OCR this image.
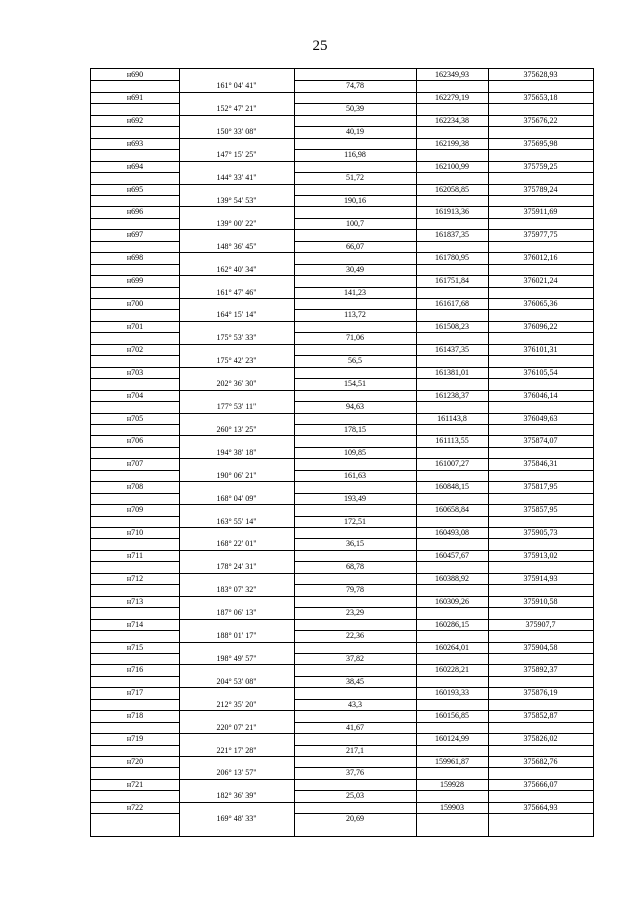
25
н690	162349,93	375628,93
161° 04' 41"	74,78
н691	162279,19	375653,18
152° 47' 21"	50,39
н692	162234,38	375676,22
150° 33' 08"	40,19
н693	162199,38	375695,98
147° 15' 25"	116,98
н694	162100,99	375759,25
144° 33' 41"	51,72
н695	162058,85	375789,24
139° 54' 53"	190,16
н696	161913,36	375911,69
139° 00' 22"	100,7
н697	161837,35	375977,75
148° 36' 45"	66,07
н698	161780,95	376012,16
162° 40' 34"	30,49
н699	161751,84	376021,24
161° 47' 46"	141,23
н700	161617,68	376065,36
164° 15' 14"	113,72
н701	161508,23	376096,22
175° 53' 33"	71,06
н702	161437,35	376101,31
175° 42' 23"	56,5
н703	161381,01	376105,54
202° 36' 30"	154,51
н704	161238,37	376046,14
177° 53' 11"	94,63
н705	161143,8	376049,63
260° 13' 25"	178,15
н706	161113,55	375874,07
194° 38' 18"	109,85
н707	161007,27	375846,31
190° 06' 21"	161,63
н708	160848,15	375817,95
168° 04' 09"	193,49
н709	160658,84	375857,95
163° 55' 14"	172,51
н710	160493,08	375905,73
168° 22' 01"	36,15
н711	160457,67	375913,02
178° 24' 31"	68,78
н712	160388,92	375914,93
183° 07' 32"	79,78
н713	160309,26	375910,58
187° 06' 13"	23,29
н714	160286,15	375907,7
188° 01' 17"	22,36
н715	160264,01	375904,58
198° 49' 57"	37,82
н716	160228,21	375892,37
204° 53' 08"	38,45
н717	160193,33	375876,19
212° 35' 20"	43,3
н718	160156,85	375852,87
220° 07' 21"	41,67
н719	160124,99	375826,02
221° 17' 28"	217,1
н720	159961,87	375682,76
206° 13' 57"	37,76
н721	159928	375666,07
182° 36' 39"	25,03
н722	159903	375664,93
169° 48' 33"	20,69
